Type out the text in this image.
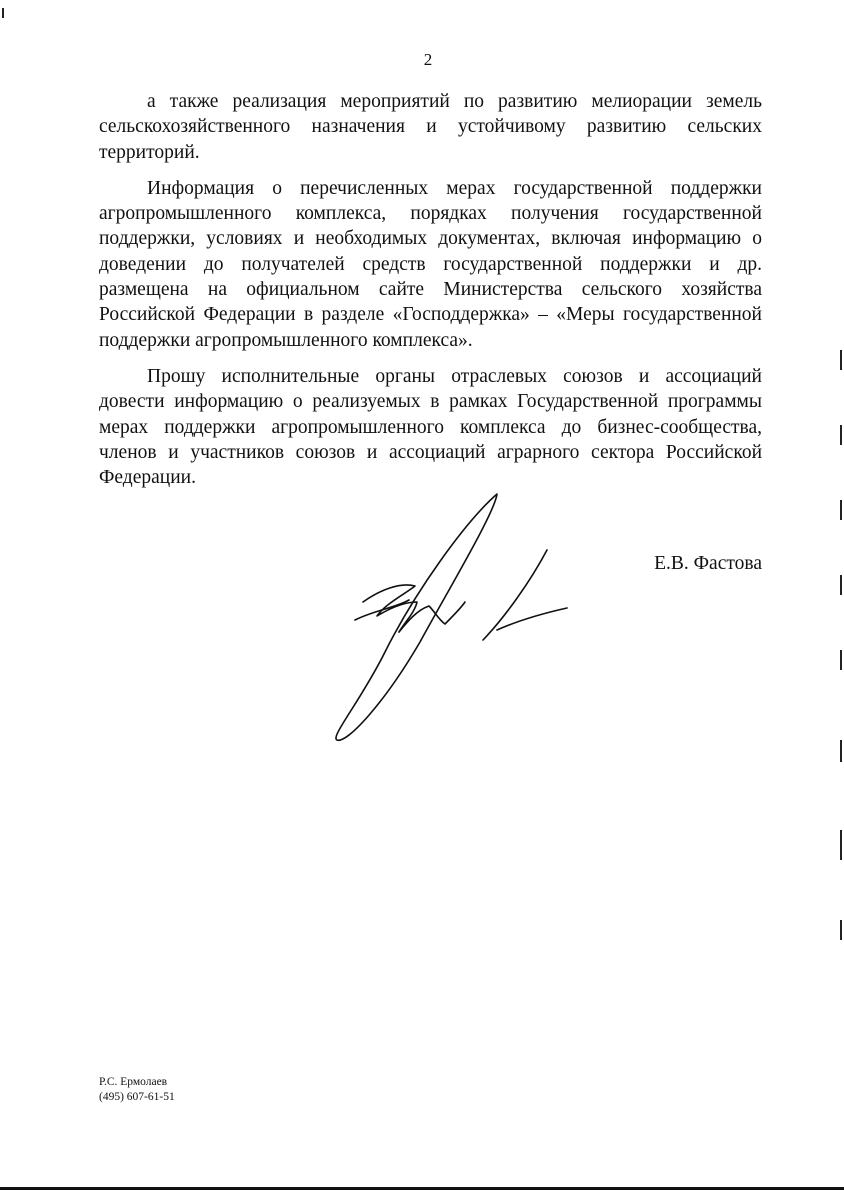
2

а также реализация мероприятий по развитию мелиорации земель сельскохозяйственного назначения и устойчивому развитию сельских территорий.

Информация о перечисленных мерах государственной поддержки агропромышленного комплекса, порядках получения государственной поддержки, условиях и необходимых документах, включая информацию о доведении до получателей средств государственной поддержки и др. размещена на официальном сайте Министерства сельского хозяйства Российской Федерации в разделе «Господдержка» – «Меры государственной поддержки агропромышленного комплекса».

Прошу исполнительные органы отраслевых союзов и ассоциаций довести информацию о реализуемых в рамках Государственной программы мерах поддержки агропромышленного комплекса до бизнес-сообщества, членов и участников союзов и ассоциаций аграрного сектора Российской Федерации.

Е.В. Фастова
Р.С. Ермолаев
(495) 607-61-51
